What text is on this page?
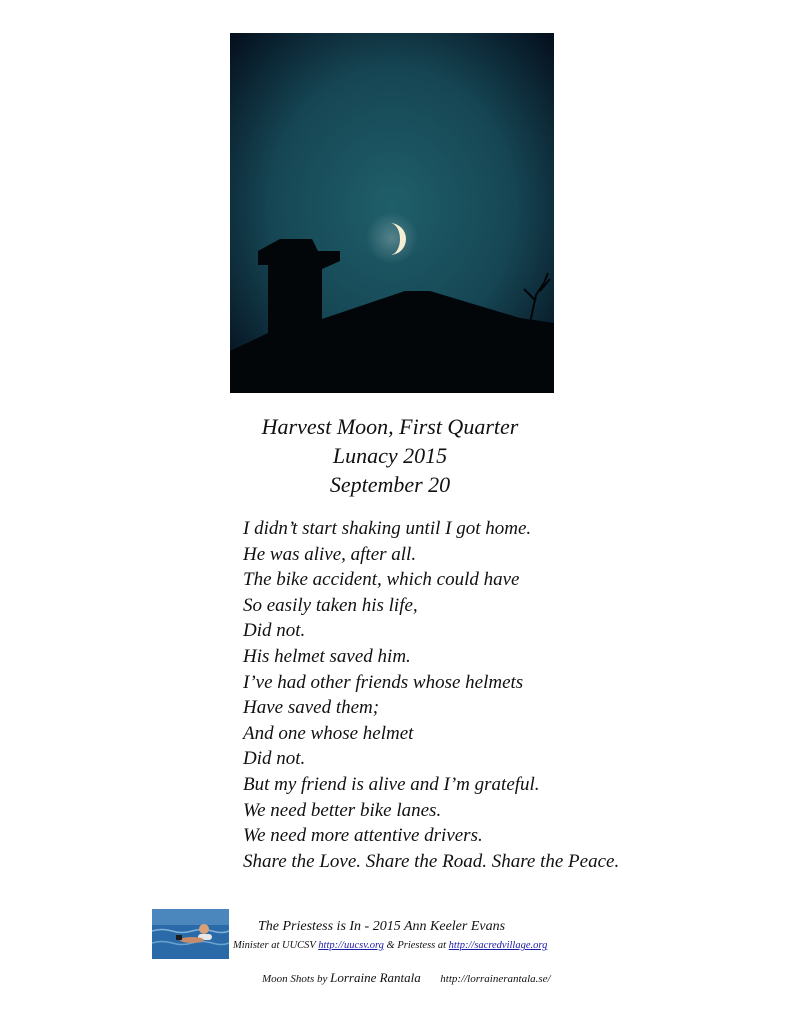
Harvest Moon, First Quarter
Lunacy 2015
September 20
I didn’t start shaking until I got home.
He was alive, after all.
The bike accident, which could have
So easily taken his life,
Did not.
His helmet saved him.
I’ve had other friends whose helmets
Have saved them;
And one whose helmet
Did not.
But my friend is alive and I’m grateful.
We need better bike lanes.
We need more attentive drivers.
Share the Love. Share the Road. Share the Peace.
The Priestess is In - 2015 Ann Keeler Evans
Minister at UUCSV http://uucsv.org & Priestess at http://sacredvillage.org
Moon Shots by Lorraine Rantala http://lorrainerantala.se/
